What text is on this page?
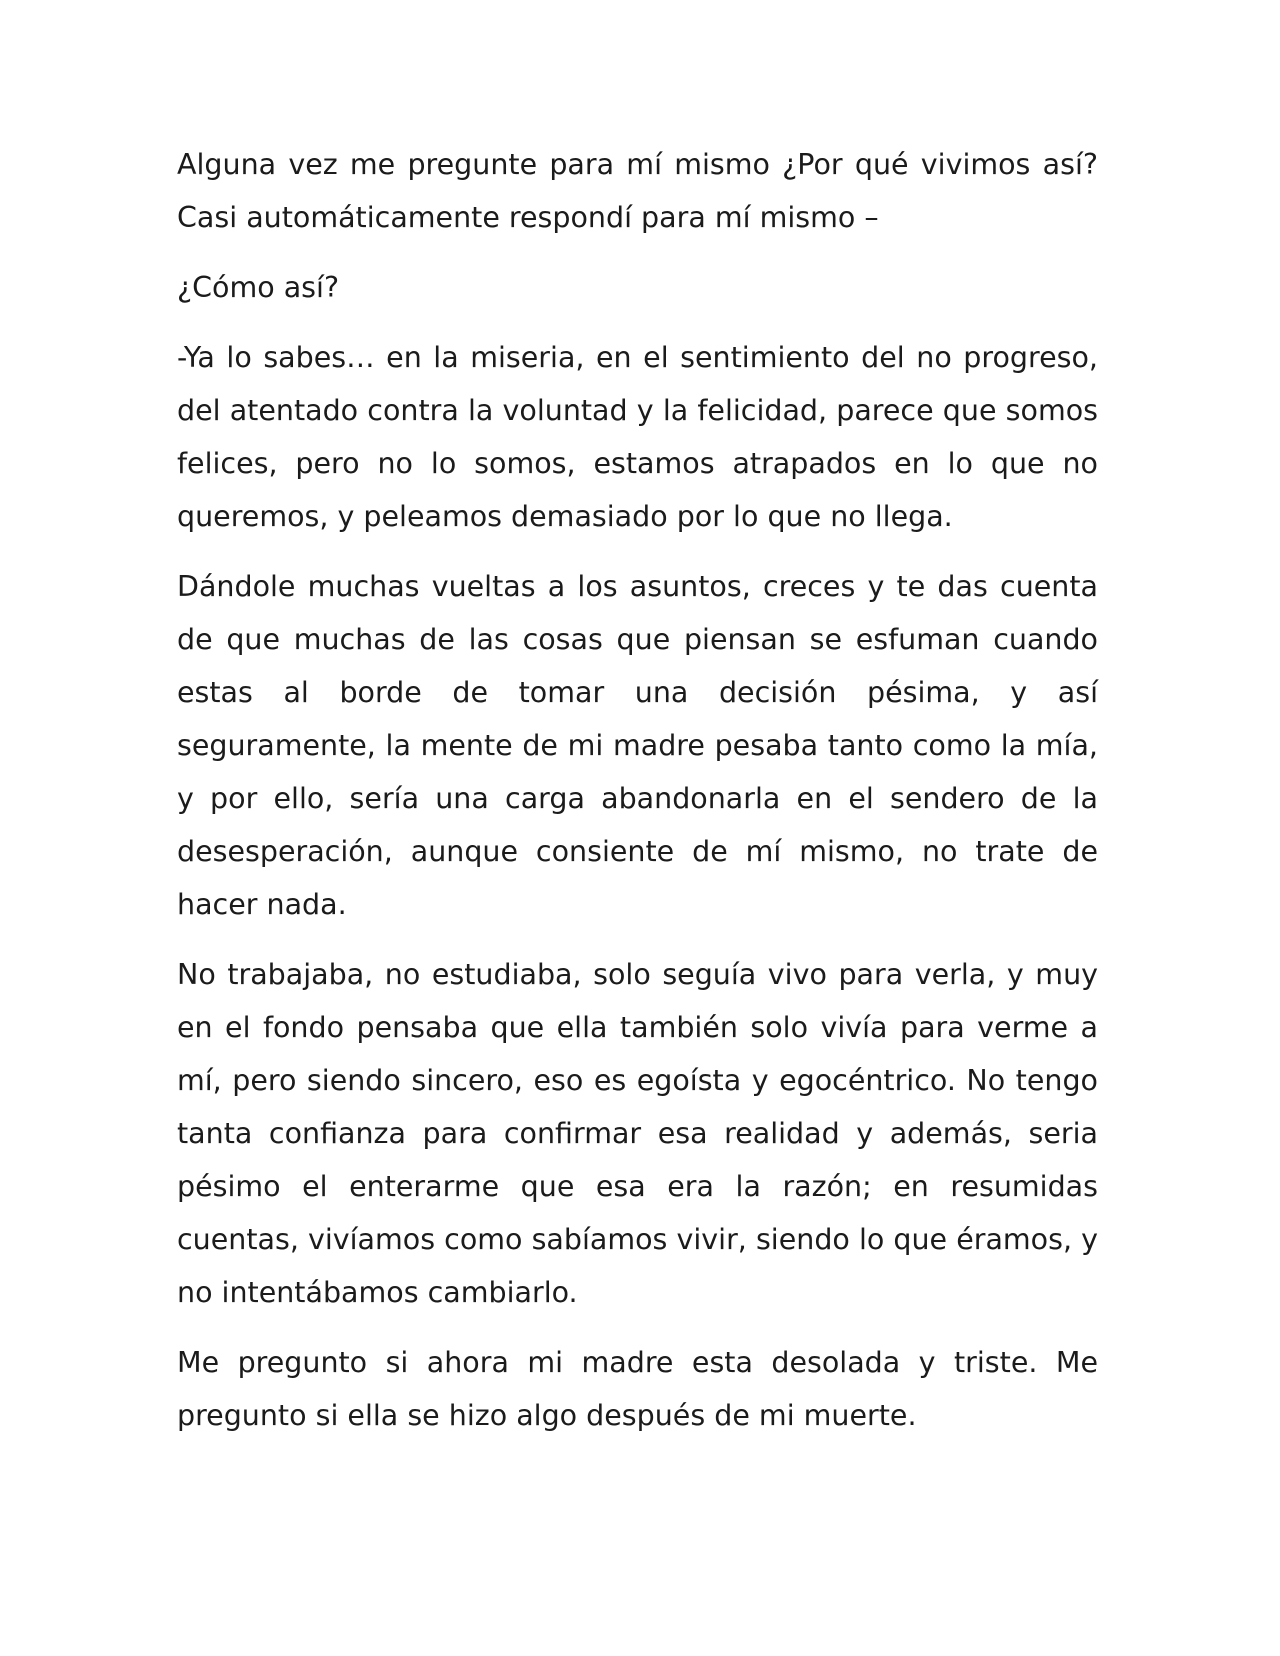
Alguna vez me pregunte para mí mismo ¿Por qué vivimos así? Casi automáticamente respondí para mí mismo –

¿Cómo así?

-Ya lo sabes… en la miseria, en el sentimiento del no progreso, del atentado contra la voluntad y la felicidad, parece que somos felices, pero no lo somos, estamos atrapados en lo que no queremos, y peleamos demasiado por lo que no llega.

Dándole muchas vueltas a los asuntos, creces y te das cuenta de que muchas de las cosas que piensan se esfuman cuando estas al borde de tomar una decisión pésima, y así seguramente, la mente de mi madre pesaba tanto como la mía, y por ello, sería una carga abandonarla en el sendero de la desesperación, aunque consiente de mí mismo, no trate de hacer nada.

No trabajaba, no estudiaba, solo seguía vivo para verla, y muy en el fondo pensaba que ella también solo vivía para verme a mí, pero siendo sincero, eso es egoísta y egocéntrico. No tengo tanta confianza para confirmar esa realidad y además, seria pésimo el enterarme que esa era la razón; en resumidas cuentas, vivíamos como sabíamos vivir, siendo lo que éramos, y no intentábamos cambiarlo.

Me pregunto si ahora mi madre esta desolada y triste. Me pregunto si ella se hizo algo después de mi muerte.
